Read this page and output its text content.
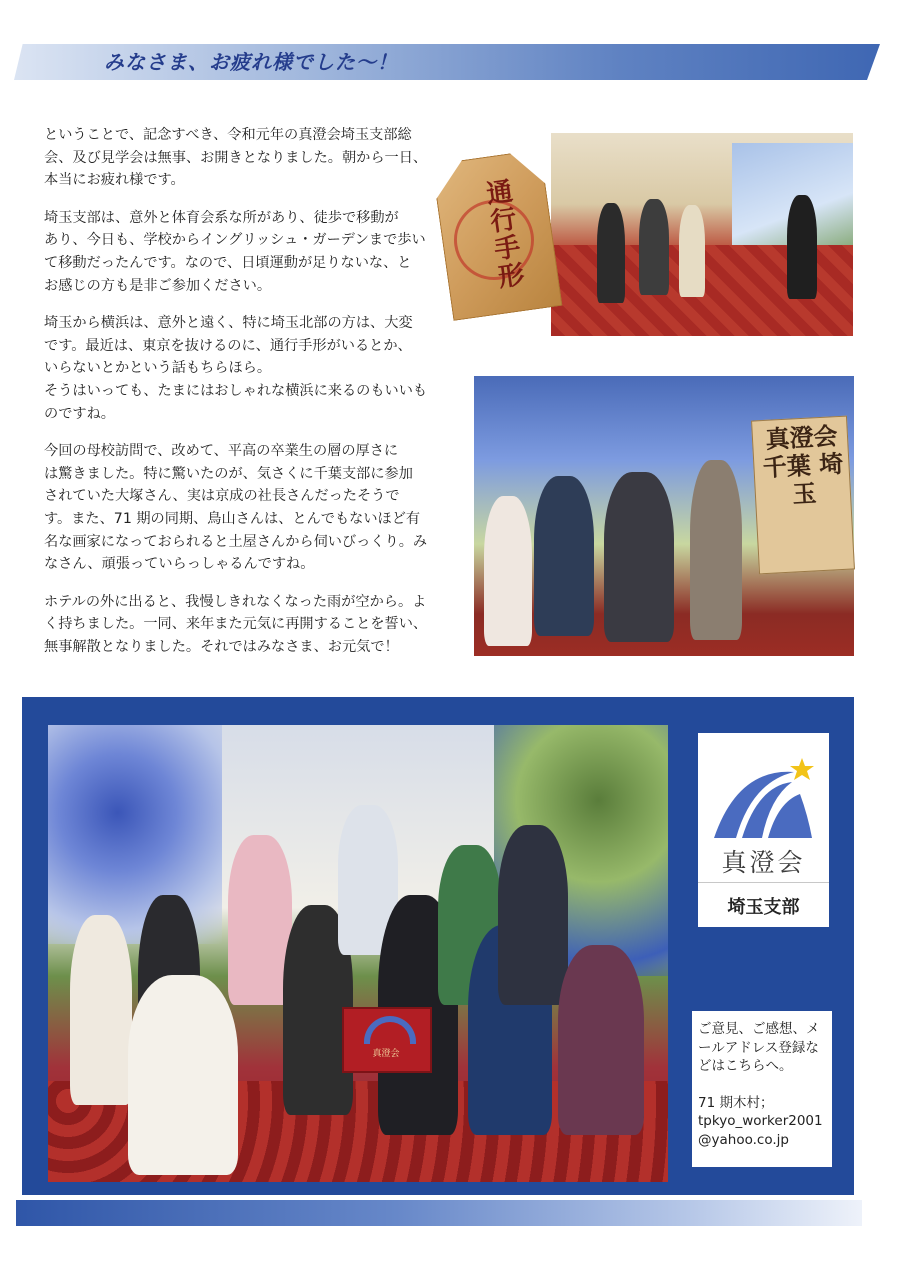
みなさま、お疲れ様でした～！

ということで、記念すべき、令和元年の真澄会埼玉支部総
会、及び見学会は無事、お開きとなりました。朝から一日、
本当にお疲れ様です。

埼玉支部は、意外と体育会系な所があり、徒歩で移動が
あり、今日も、学校からイングリッシュ・ガーデンまで歩い
て移動だったんです。なので、日頃運動が足りないな、と
お感じの方も是非ご参加ください。

埼玉から横浜は、意外と遠く、特に埼玉北部の方は、大変
です。最近は、東京を抜けるのに、通行手形がいるとか、
いらないとかという話もちらほら。
そうはいっても、たまにはおしゃれな横浜に来るのもいいも
のですね。

今回の母校訪問で、改めて、平高の卒業生の層の厚さに
は驚きました。特に驚いたのが、気さくに千葉支部に参加
されていた大塚さん、実は京成の社長さんだったそうで
す。また、71 期の同期、鳥山さんは、とんでもないほど有
名な画家になっておられると土屋さんから伺いびっくり。み
なさん、頑張っていらっしゃるんですね。

ホテルの外に出ると、我慢しきれなくなった雨が空から。よ
く持ちました。一同、来年また元気に再開することを誓い、
無事解散となりました。それではみなさま、お元気で！

通行手形
真澄会 千葉 埼玉
真澄会
真澄会
埼玉支部

ご意見、ご感想、メールアドレス登録などはこちらへ。

71 期木村；
tpkyo_worker2001@yahoo.co.jp
